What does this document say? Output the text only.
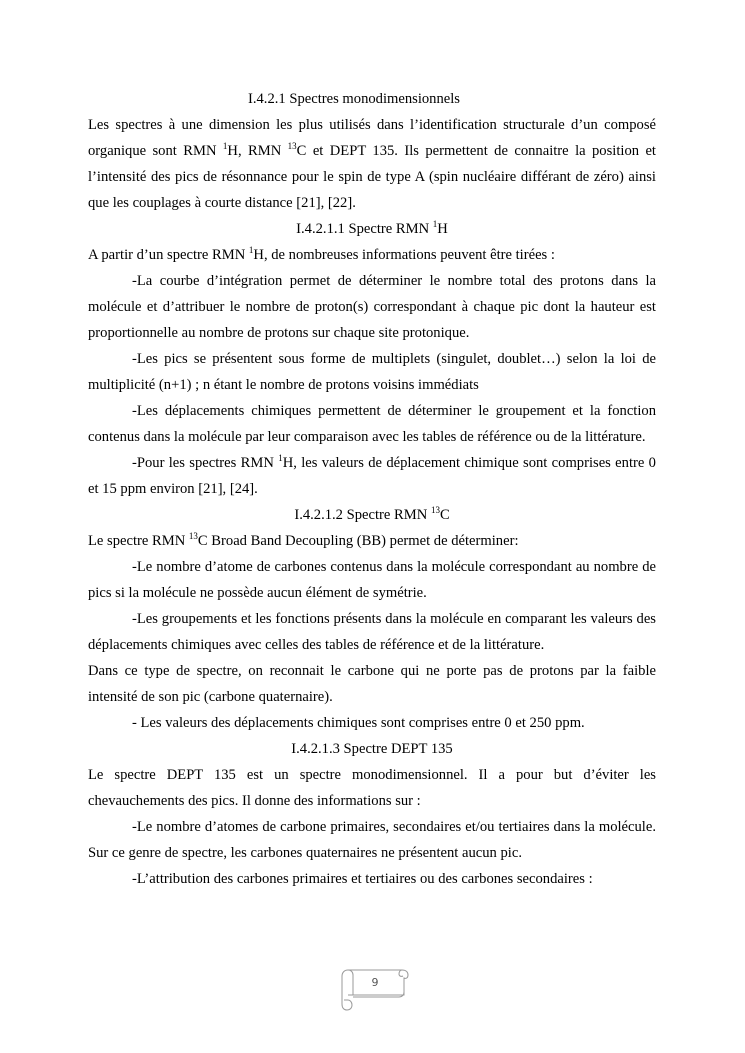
I.4.2.1 Spectres monodimensionnels

Les spectres à une dimension les plus utilisés dans l’identification structurale d’un composé organique sont RMN $^1$H, RMN $^{13}$C et DEPT 135. Ils permettent de connaitre la position et l’intensité des pics de résonnance pour le spin de type A (spin nucléaire différant de zéro) ainsi que les couplages à courte distance [21], [22].

I.4.2.1.1 Spectre RMN $^1$H

A partir d’un spectre RMN $^1$H, de nombreuses informations peuvent être tirées :

-La courbe d’intégration permet de déterminer le nombre total des protons dans la molécule et d’attribuer le nombre de proton(s) correspondant à chaque pic dont la hauteur est proportionnelle au nombre de protons sur chaque site protonique.

-Les pics se présentent sous forme de multiplets (singulet, doublet…) selon la loi de multiplicité (n+1) ; n étant le nombre de protons voisins immédiats

-Les déplacements chimiques permettent de déterminer le groupement et la fonction contenus dans la molécule par leur comparaison avec les tables de référence ou de la littérature.

-Pour les spectres RMN $^1$H, les valeurs de déplacement chimique sont comprises entre 0 et 15 ppm environ [21], [24].

I.4.2.1.2 Spectre RMN $^{13}$C

Le spectre RMN $^{13}$C Broad Band Decoupling (BB) permet de déterminer:

-Le nombre d’atome de carbones contenus dans la molécule correspondant au nombre de pics si la molécule ne possède aucun élément de symétrie.

-Les groupements et les fonctions présents dans la molécule en comparant les valeurs des déplacements chimiques avec celles des tables de référence et de la littérature.

Dans ce type de spectre, on reconnait le carbone qui ne porte pas de protons par la faible intensité de son pic (carbone quaternaire).

- Les valeurs des déplacements chimiques sont comprises entre 0 et 250 ppm.

I.4.2.1.3 Spectre DEPT 135

Le spectre DEPT 135 est un spectre monodimensionnel. Il a pour but d’éviter les chevauchements des pics. Il donne des informations sur :

-Le nombre d’atomes de carbone primaires, secondaires et/ou tertiaires dans la molécule. Sur ce genre de spectre, les carbones quaternaires ne présentent aucun pic.

-L’attribution des carbones primaires et tertiaires ou des carbones secondaires :

9
